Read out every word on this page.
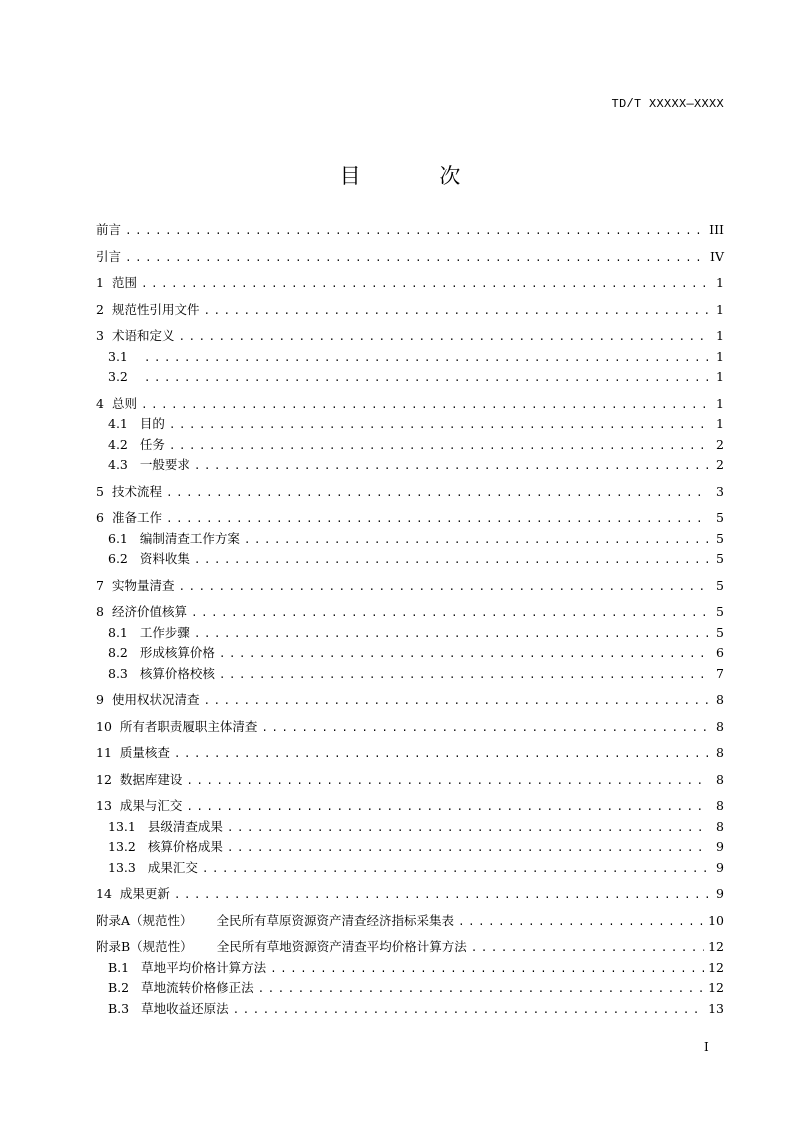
TD/T XXXXX—XXXX
目 次
前言 .....	III
引言 .....	IV
1 范围 .....	1
2 规范性引用文件 .....	1
3 术语和定义 .....	1
3.1 .....	1
3.2 .....	1
4 总则 .....	1
4.1 目的 .....	1
4.2 任务 .....	2
4.3 一般要求 .....	2
5 技术流程 .....	3
6 准备工作 .....	5
6.1 编制清查工作方案 .....	5
6.2 资料收集 .....	5
7 实物量清查 .....	5
8 经济价值核算 .....	5
8.1 工作步骤 .....	5
8.2 形成核算价格 .....	6
8.3 核算价格校核 .....	7
9 使用权状况清查 .....	8
10 所有者职责履职主体清查 .....	8
11 质量核查 .....	8
12 数据库建设 .....	8
13 成果与汇交 .....	8
13.1 县级清查成果 .....	8
13.2 核算价格成果 .....	9
13.3 成果汇交 .....	9
14 成果更新 .....	9
附录A（规范性） 全民所有草原资源资产清查经济指标采集表 .....	10
附录B（规范性） 全民所有草地资源资产清查平均价格计算方法 .....	12
B.1 草地平均价格计算方法 .....	12
B.2 草地流转价格修正法 .....	12
B.3 草地收益还原法 .....	13
I
